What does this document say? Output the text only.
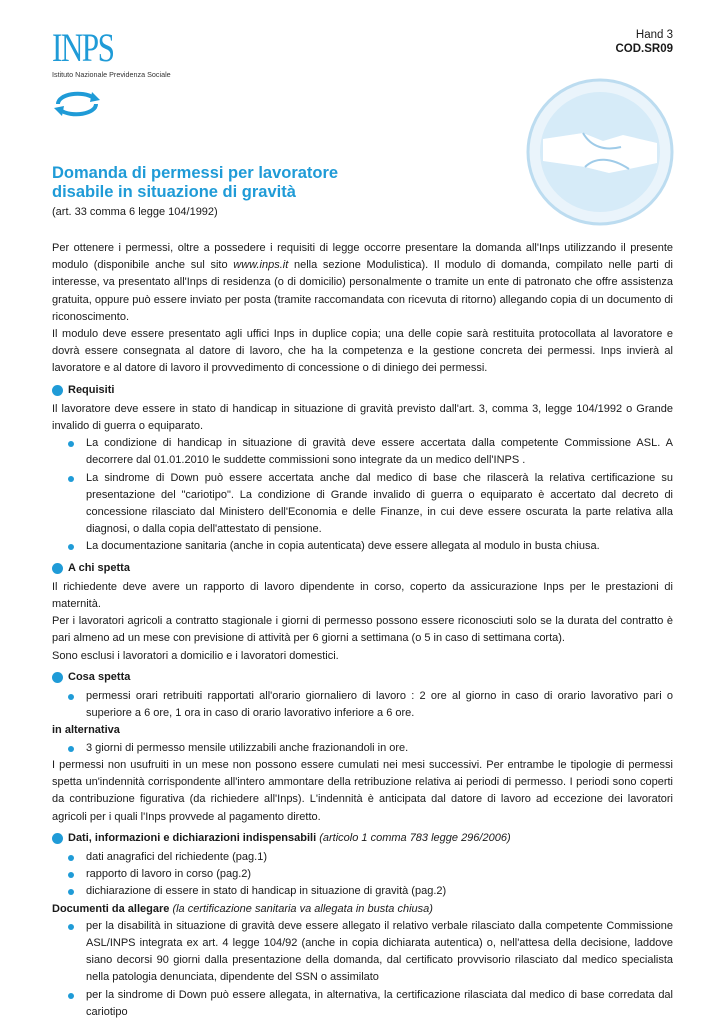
INPS
Istituto Nazionale Previdenza Sociale
Hand 3
COD.SR09
Domanda di permessi per lavoratore
disabile in situazione di gravità
(art. 33 comma 6 legge 104/1992)

Per ottenere i permessi, oltre a possedere i requisiti di legge occorre presentare la domanda all'Inps utilizzando il presente modulo (disponibile anche sul sito www.inps.it nella sezione Modulistica). Il modulo di domanda, compilato nelle parti di interesse, va presentato all'Inps di residenza (o di domicilio) personalmente o tramite un ente di patronato che offre assistenza gratuita, oppure può essere inviato per posta (tramite raccomandata con ricevuta di ritorno) allegando copia di un documento di riconoscimento.

Il modulo deve essere presentato agli uffici Inps in duplice copia; una delle copie sarà restituita protocollata al lavoratore e dovrà essere consegnata al datore di lavoro, che ha la competenza e la gestione concreta dei permessi. Inps invierà al lavoratore e al datore di lavoro il provvedimento di concessione o di diniego dei permessi.

Requisiti

Il lavoratore deve essere in stato di handicap in situazione di gravità previsto dall'art. 3, comma 3, legge 104/1992 o Grande invalido di guerra o equiparato.

La condizione di handicap in situazione di gravità deve essere accertata dalla competente Commissione ASL. A decorrere dal 01.01.2010 le suddette commissioni sono integrate da un medico dell'INPS .
La sindrome di Down può essere accertata anche dal medico di base che rilascerà la relativa certificazione su presentazione del "cariotipo". La condizione di Grande invalido di guerra o equiparato è accertato dal decreto di concessione rilasciato dal Ministero dell'Economia e delle Finanze, in cui deve essere oscurata la parte relativa alla diagnosi, o dalla copia dell'attestato di pensione.
La documentazione sanitaria (anche in copia autenticata) deve essere allegata al modulo in busta chiusa.
A chi spetta

Il richiedente deve avere un rapporto di lavoro dipendente in corso, coperto da assicurazione Inps per le prestazioni di maternità.

Per i lavoratori agricoli a contratto stagionale i giorni di permesso possono essere riconosciuti solo se la durata del contratto è pari almeno ad un mese con previsione di attività per 6 giorni a settimana (o 5 in caso di settimana corta).

Sono esclusi i lavoratori a domicilio e i lavoratori domestici.

Cosa spetta
permessi orari retribuiti rapportati all'orario giornaliero di lavoro : 2 ore al giorno in caso di orario lavorativo pari o superiore a 6 ore, 1 ora in caso di orario lavorativo inferiore a 6 ore.
in alternativa
3 giorni di permesso mensile utilizzabili anche frazionandoli in ore.

I permessi non usufruiti in un mese non possono essere cumulati nei mesi successivi. Per entrambe le tipologie di permessi spetta un'indennità corrispondente all'intero ammontare della retribuzione relativa ai periodi di permesso. I periodi sono coperti da contribuzione figurativa (da richiedere all'Inps). L'indennità è anticipata dal datore di lavoro ad eccezione dei lavoratori agricoli per i quali l'Inps provvede al pagamento diretto.

Dati, informazioni e dichiarazioni indispensabili (articolo 1 comma 783 legge 296/2006)
dati anagrafici del richiedente (pag.1)
rapporto di lavoro in corso (pag.2)
dichiarazione di essere in stato di handicap in situazione di gravità (pag.2)
Documenti da allegare (la certificazione sanitaria va allegata in busta chiusa)
per la disabilità in situazione di gravità deve essere allegato il relativo verbale rilasciato dalla competente Commissione ASL/INPS integrata ex art. 4 legge 104/92 (anche in copia dichiarata autentica) o, nell'attesa della decisione, laddove siano decorsi 90 giorni dalla presentazione della domanda, dal certificato provvisorio rilasciato dal medico specialista nella patologia denunciata, dipendente del SSN o assimilato
per la sindrome di Down può essere allegata, in alternativa, la certificazione rilasciata dal medico di base corredata dal cariotipo
